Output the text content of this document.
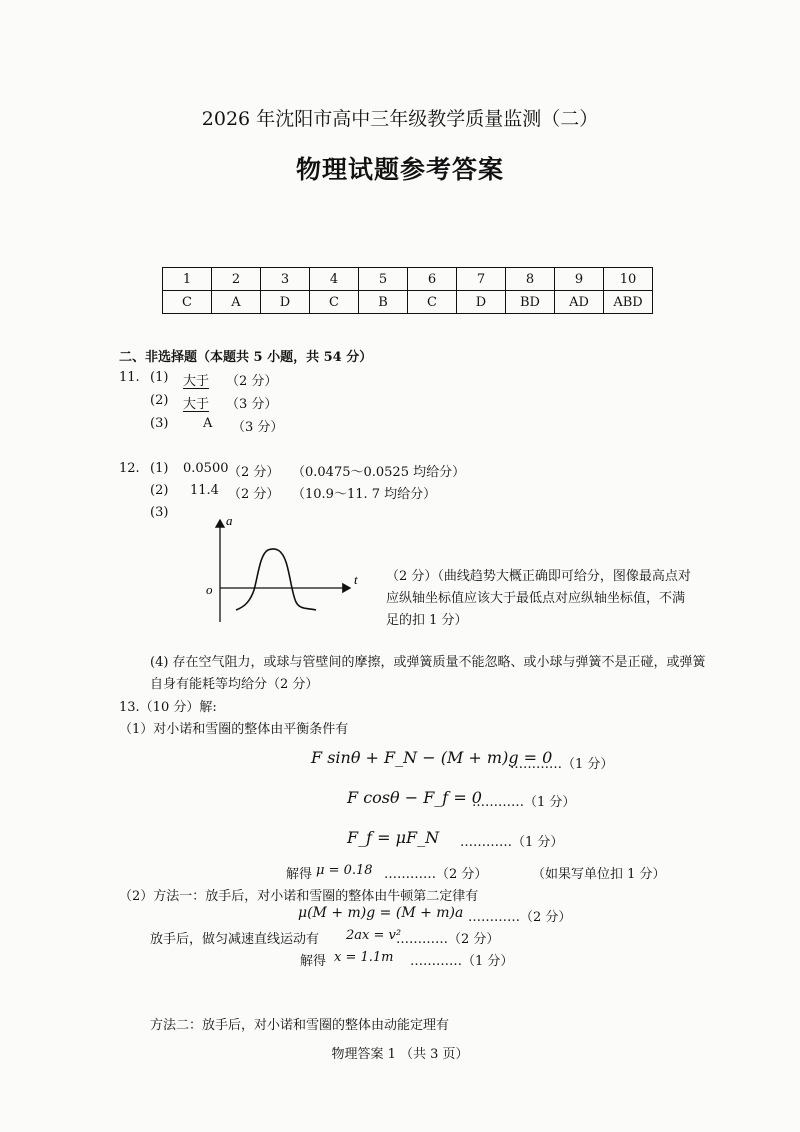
2026 年沈阳市高中三年级教学质量监测（二）
物理试题参考答案
1	2	3	4	5	6	7	8	9	10
C	A	D	C	B	C	D	BD	AD	ABD
二、非选择题（本题共 5 小题，共 54 分）
11. (1) 大于 （2 分）
(2) 大于 （3 分）
(3)	A （3 分）
12. (1) 0.0500 （2 分） （0.0475～0.0525 均给分）
(2) 11.4 （2 分） （10.9～11. 7 均给分）
(3)
a
t
o
（2 分）（曲线趋势大概正确即可给分，图像最高点对应纵轴坐标值应该大于最低点对应纵轴坐标值，不满足的扣 1 分）
(4) 存在空气阻力，或球与管壁间的摩擦，或弹簧质量不能忽略、或小球与弹簧不是正碰，或弹簧自身有能耗等均给分（2 分）
13.（10 分）解:
（1）对小诺和雪圈的整体由平衡条件有
F sinθ + F_N − (M + m)g = 0
…………（1 分）
F cosθ − F_f = 0
…………（1 分）
F_f = μF_N …………（1 分）
解得 μ = 0.18 …………（2 分）	（如果写单位扣 1 分）
（2）方法一：放手后，对小诺和雪圈的整体由牛顿第二定律有
μ(M + m)g = (M + m)a …………（2 分）
放手后，做匀减速直线运动有 2ax = v²
…………（2 分）
解得 x = 1.1m …………（1 分）
方法二：放手后，对小诺和雪圈的整体由动能定理有
物理答案 1 （共 3 页）
